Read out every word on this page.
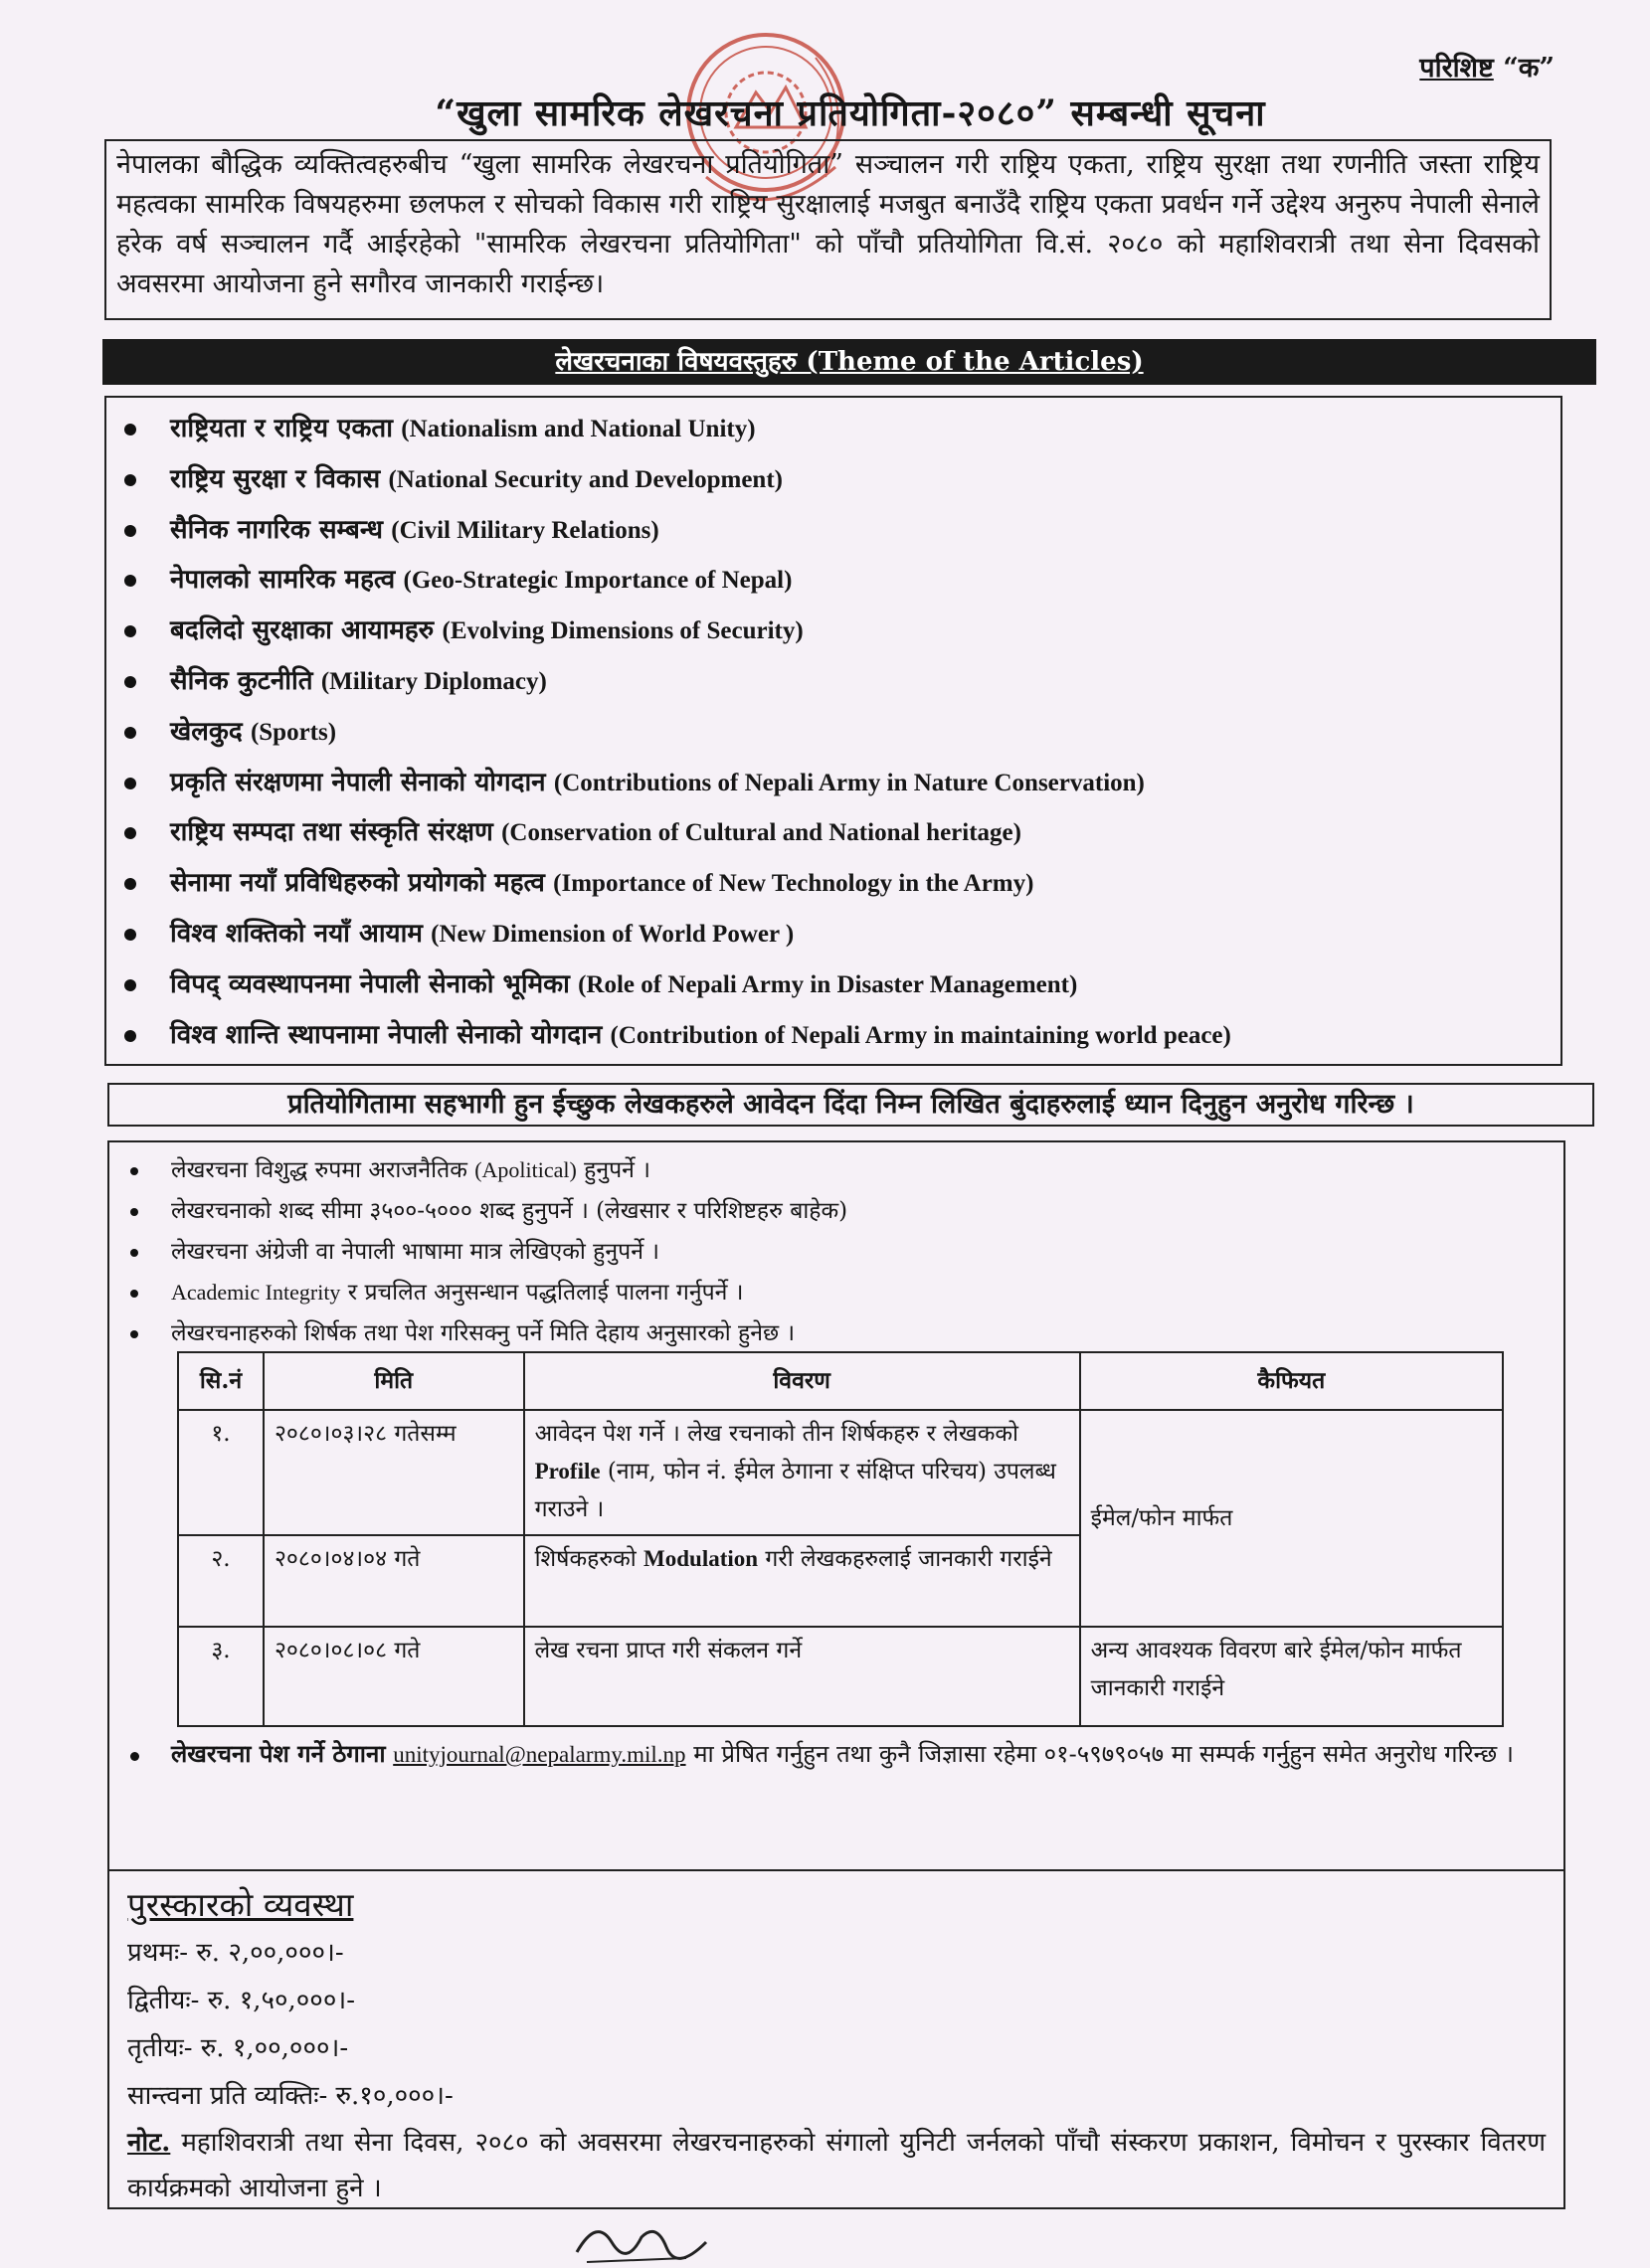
परिशिष्ट “क”
“खुला सामरिक लेखरचना प्रतियोगिता-२०८०” सम्बन्धी सूचना
नेपालका बौद्धिक व्यक्तित्वहरुबीच “खुला सामरिक लेखरचना प्रतियोगिता” सञ्चालन गरी राष्ट्रिय एकता, राष्ट्रिय सुरक्षा तथा रणनीति जस्ता राष्ट्रिय महत्वका सामरिक विषयहरुमा छलफल र सोचको विकास गरी राष्ट्रिय सुरक्षालाई मजबुत बनाउँदै राष्ट्रिय एकता प्रवर्धन गर्ने उद्देश्य अनुरुप नेपाली सेनाले हरेक वर्ष सञ्चालन गर्दै आईरहेको "सामरिक लेखरचना प्रतियोगिता" को पाँचौ प्रतियोगिता वि.सं. २०८० को महाशिवरात्री तथा सेना दिवसको अवसरमा आयोजना हुने सगौरव जानकारी गराईन्छ।
लेखरचनाका विषयवस्तुहरु (Theme of the Articles)
राष्ट्रियता र राष्ट्रिय एकता (Nationalism and National Unity)
राष्ट्रिय सुरक्षा र विकास (National Security and Development)
सैनिक नागरिक सम्बन्ध (Civil Military Relations)
नेपालको सामरिक महत्व (Geo-Strategic Importance of Nepal)
बदलिदो सुरक्षाका आयामहरु (Evolving Dimensions of Security)
सैनिक कुटनीति (Military Diplomacy)
खेलकुद (Sports)
प्रकृति संरक्षणमा नेपाली सेनाको योगदान (Contributions of Nepali Army in Nature Conservation)
राष्ट्रिय सम्पदा तथा संस्कृति संरक्षण (Conservation of Cultural and National heritage)
सेनामा नयाँ प्रविधिहरुको प्रयोगको महत्व (Importance of New Technology in the Army)
विश्व शक्तिको नयाँ आयाम (New Dimension of World Power )
विपद् व्यवस्थापनमा नेपाली सेनाको भूमिका (Role of Nepali Army in Disaster Management)
विश्व शान्ति स्थापनामा नेपाली सेनाको योगदान (Contribution of Nepali Army in maintaining world peace)
प्रतियोगितामा सहभागी हुन ईच्छुक लेखकहरुले आवेदन दिंदा निम्न लिखित बुंदाहरुलाई ध्यान दिनुहुन अनुरोध गरिन्छ ।
लेखरचना विशुद्ध रुपमा अराजनैतिक (Apolitical) हुनुपर्ने ।
लेखरचनाको शब्द सीमा ३५००-५००० शब्द हुनुपर्ने । (लेखसार र परिशिष्टहरु बाहेक)
लेखरचना अंग्रेजी वा नेपाली भाषामा मात्र लेखिएको हुनुपर्ने ।
Academic Integrity र प्रचलित अनुसन्धान पद्धतिलाई पालना गर्नुपर्ने ।
लेखरचनाहरुको शिर्षक तथा पेश गरिसक्नु पर्ने मिति देहाय अनुसारको हुनेछ ।
सि.नं	मिति	विवरण	कैफियत
१.	२०८०।०३।२८ गतेसम्म	आवेदन पेश गर्ने । लेख रचनाको तीन शिर्षकहरु र लेखकको Profile (नाम, फोन नं. ईमेल ठेगाना र संक्षिप्त परिचय) उपलब्ध गराउने ।	ईमेल/फोन मार्फत
२.	२०८०।०४।०४ गते	शिर्षकहरुको Modulation गरी लेखकहरुलाई जानकारी गराईने	
३.	२०८०।०८।०८ गते	लेख रचना प्राप्त गरी संकलन गर्ने	अन्य आवश्यक विवरण बारे ईमेल/फोन मार्फत जानकारी गराईने
लेखरचना पेश गर्ने ठेगाना unityjournal@nepalarmy.mil.np मा प्रेषित गर्नुहुन तथा कुनै जिज्ञासा रहेमा ०१-५९७९०५७ मा सम्पर्क गर्नुहुन समेत अनुरोध गरिन्छ ।
पुरस्कारको व्यवस्था
प्रथमः- रु. २,००,०००।-
द्वितीयः- रु. १,५०,०००।-
तृतीयः- रु. १,००,०००।-
सान्त्वना प्रति व्यक्तिः- रु.१०,०००।-
नोट. महाशिवरात्री तथा सेना दिवस, २०८० को अवसरमा लेखरचनाहरुको संगालो युनिटी जर्नलको पाँचौ संस्करण प्रकाशन, विमोचन र पुरस्कार वितरण कार्यक्रमको आयोजना हुने ।
